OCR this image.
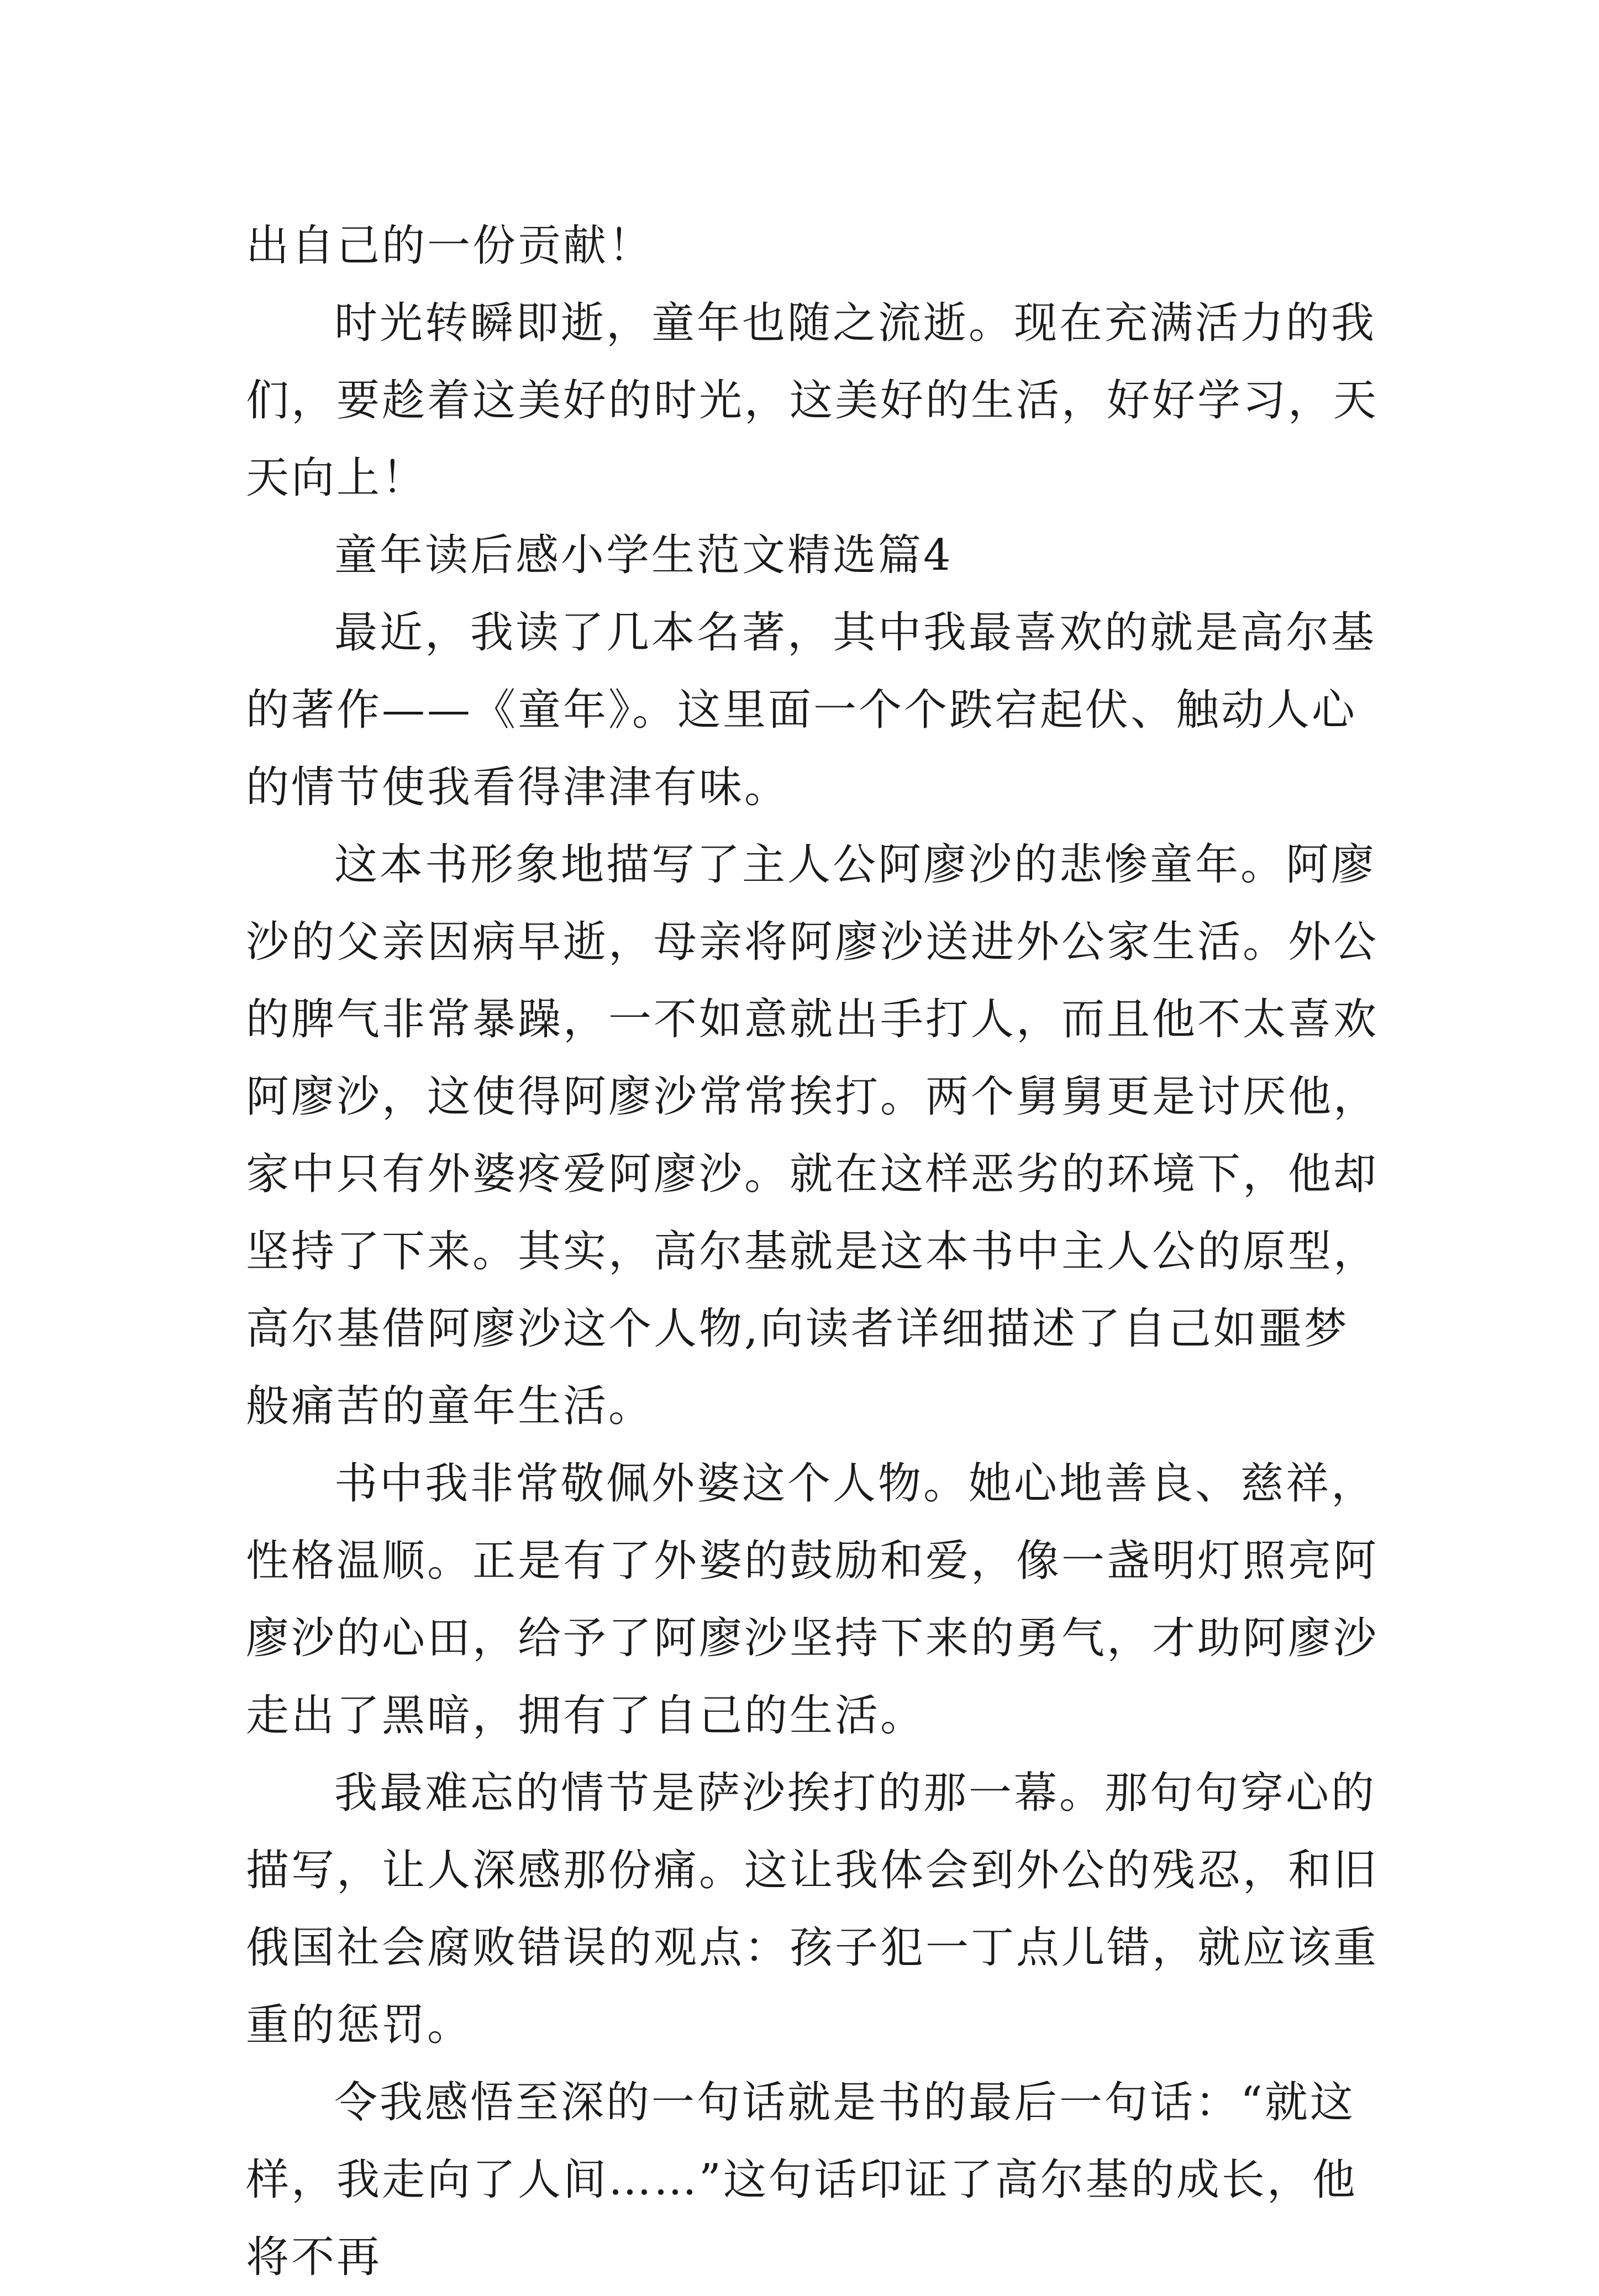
出自己的一份贡献！

时光转瞬即逝，童年也随之流逝。现在充满活力的我们，要趁着这美好的时光，这美好的生活，好好学习，天天向上！

童年读后感小学生范文精选篇4

最近，我读了几本名著，其中我最喜欢的就是高尔基的著作——《童年》。这里面一个个跌宕起伏、触动人心的情节使我看得津津有味。

这本书形象地描写了主人公阿廖沙的悲惨童年。阿廖沙的父亲因病早逝，母亲将阿廖沙送进外公家生活。外公的脾气非常暴躁，一不如意就出手打人，而且他不太喜欢阿廖沙，这使得阿廖沙常常挨打。两个舅舅更是讨厌他，家中只有外婆疼爱阿廖沙。就在这样恶劣的环境下，他却坚持了下来。其实，高尔基就是这本书中主人公的原型，高尔基借阿廖沙这个人物,向读者详细描述了自己如噩梦般痛苦的童年生活。

书中我非常敬佩外婆这个人物。她心地善良、慈祥，性格温顺。正是有了外婆的鼓励和爱，像一盏明灯照亮阿廖沙的心田，给予了阿廖沙坚持下来的勇气，才助阿廖沙走出了黑暗，拥有了自己的生活。

我最难忘的情节是萨沙挨打的那一幕。那句句穿心的描写，让人深感那份痛。这让我体会到外公的残忍，和旧俄国社会腐败错误的观点：孩子犯一丁点儿错，就应该重重的惩罚。

令我感悟至深的一句话就是书的最后一句话：“就这样，我走向了人间……”这句话印证了高尔基的成长，他将不再
